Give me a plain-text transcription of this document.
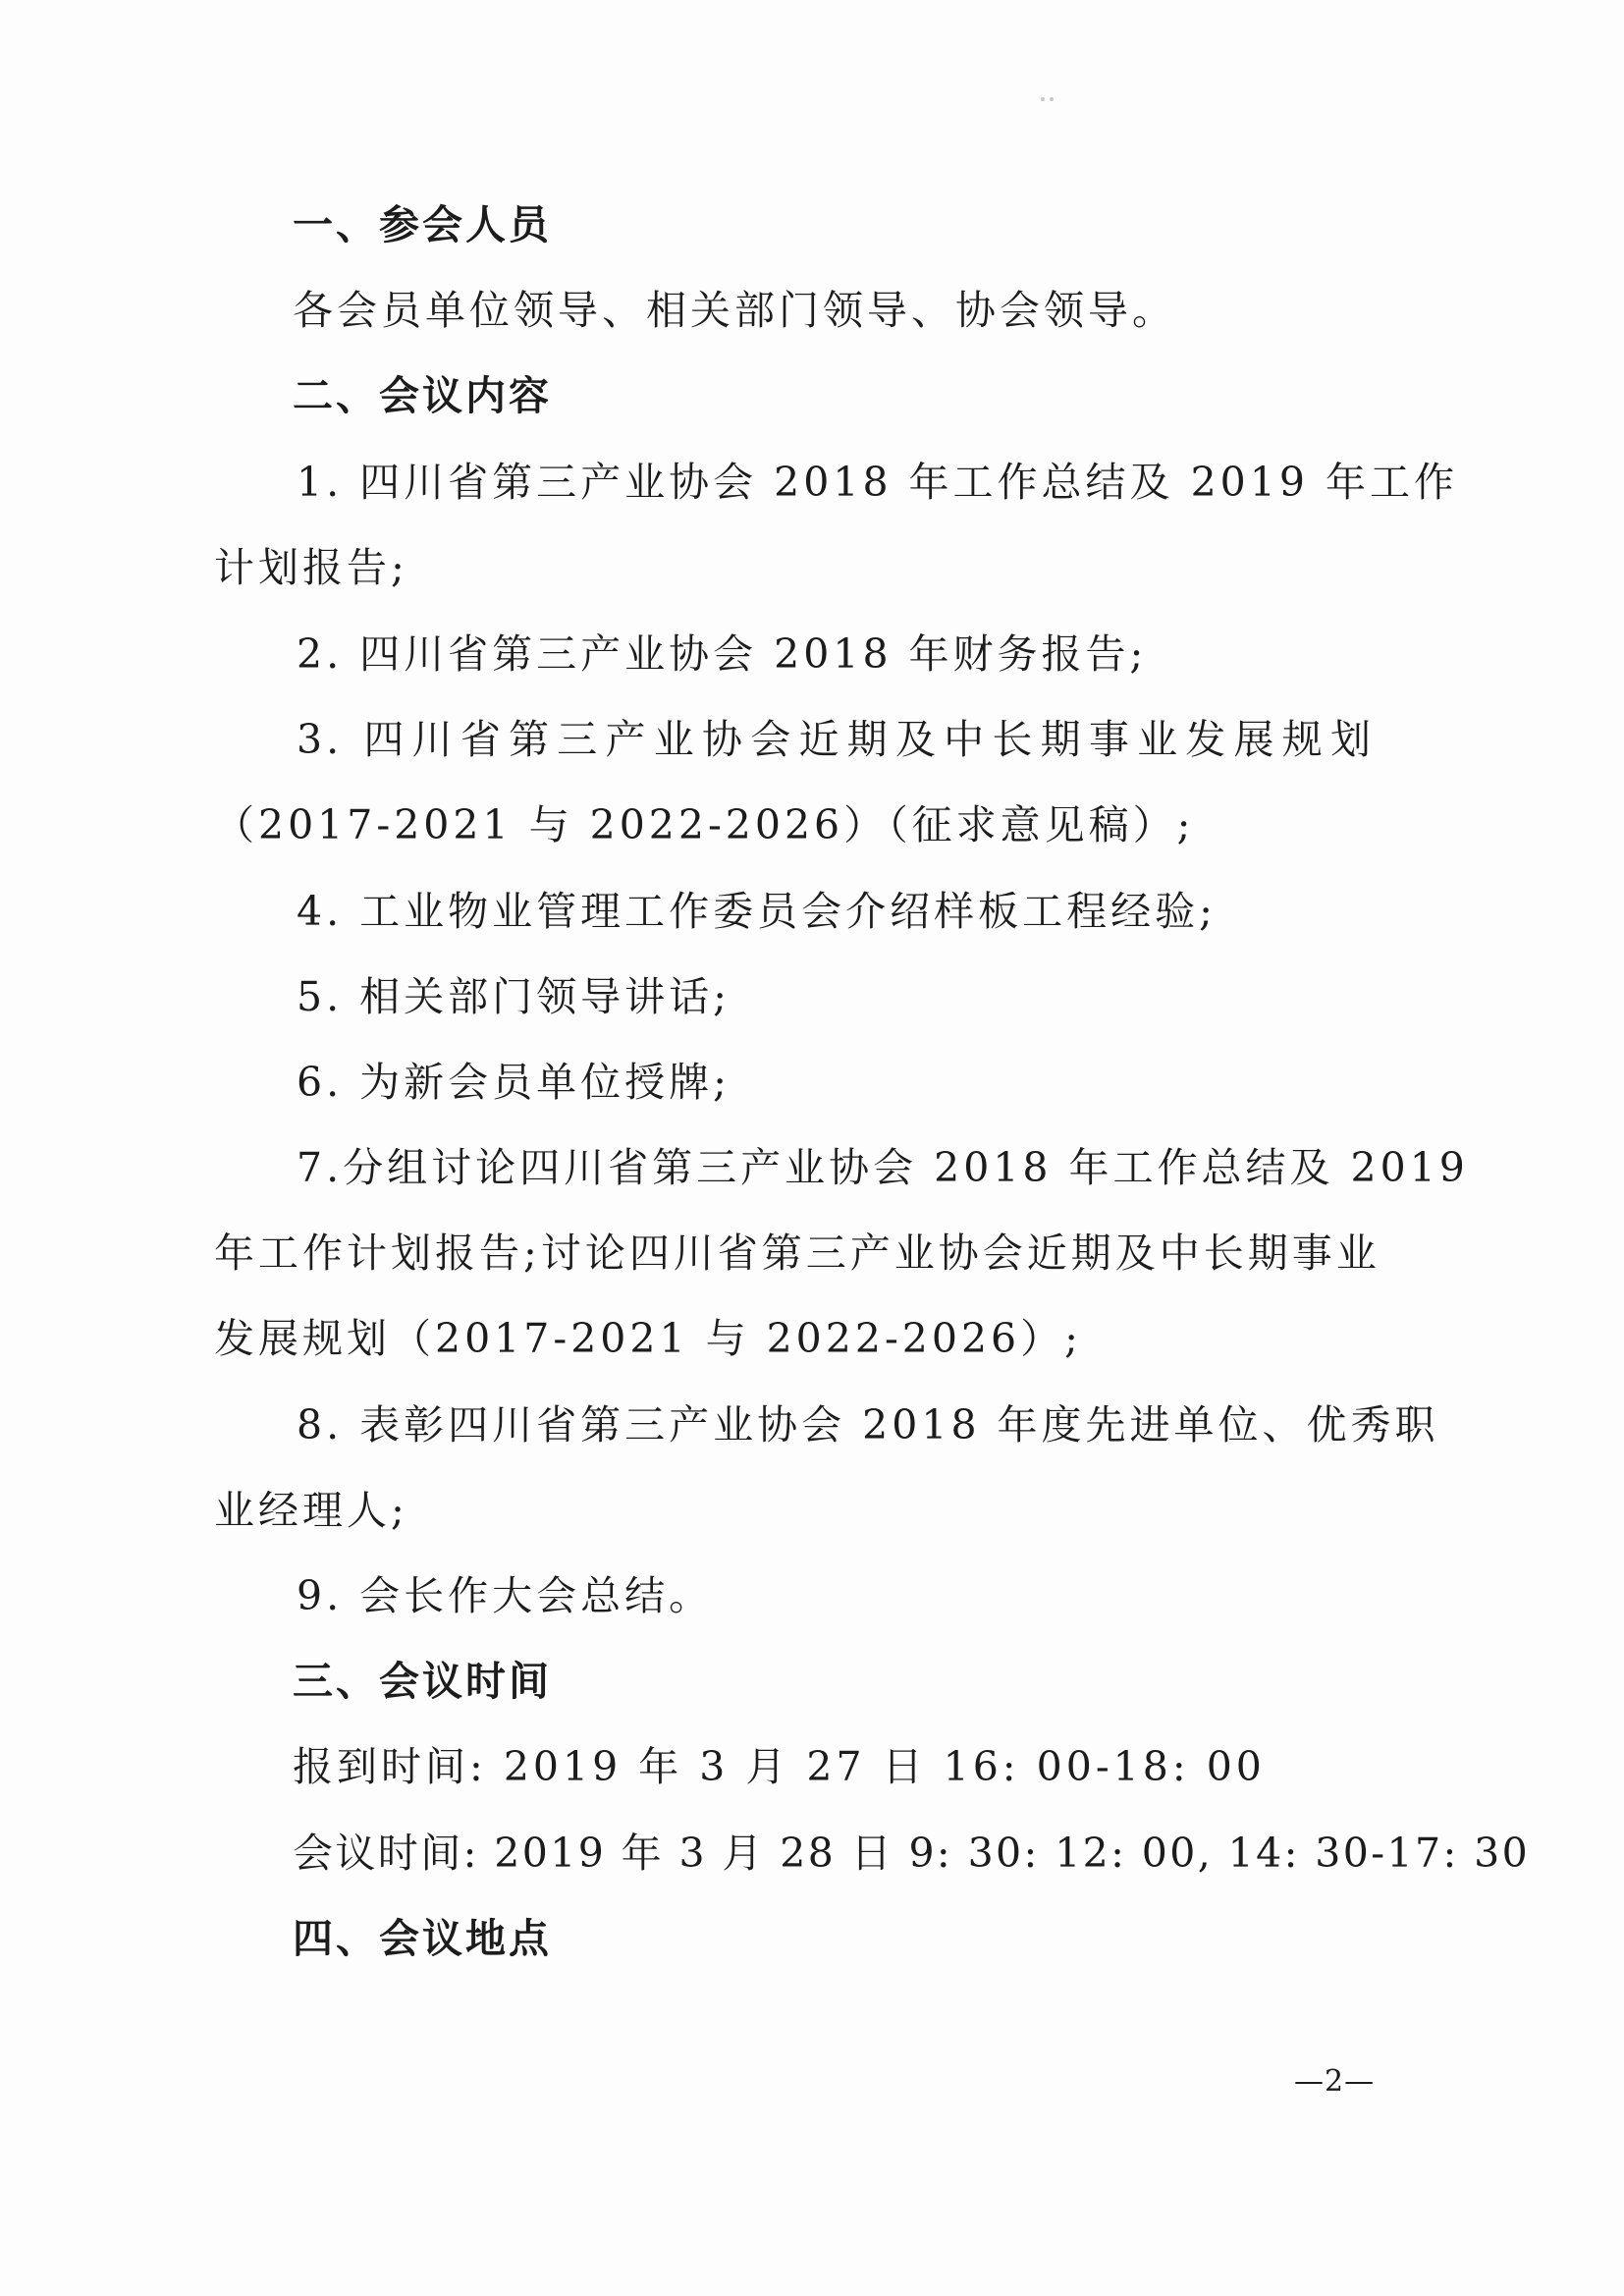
一、参会人员
各会员单位领导、相关部门领导、协会领导。
二、会议内容
1. 四川省第三产业协会 2018 年工作总结及 2019 年工作
计划报告;
2. 四川省第三产业协会 2018 年财务报告;
3. 四川省第三产业协会近期及中长期事业发展规划
（2017-2021 与 2022-2026）（征求意见稿）;
4. 工业物业管理工作委员会介绍样板工程经验;
5. 相关部门领导讲话;
6. 为新会员单位授牌;
7.分组讨论四川省第三产业协会 2018 年工作总结及 2019
年工作计划报告;讨论四川省第三产业协会近期及中长期事业
发展规划（2017-2021 与 2022-2026）;
8. 表彰四川省第三产业协会 2018 年度先进单位、优秀职
业经理人;
9. 会长作大会总结。
三、会议时间
报到时间: 2019 年 3 月 27 日 16: 00-18: 00
会议时间: 2019 年 3 月 28 日 9: 30: 12: 00, 14: 30-17: 30
四、会议地点
—2—
